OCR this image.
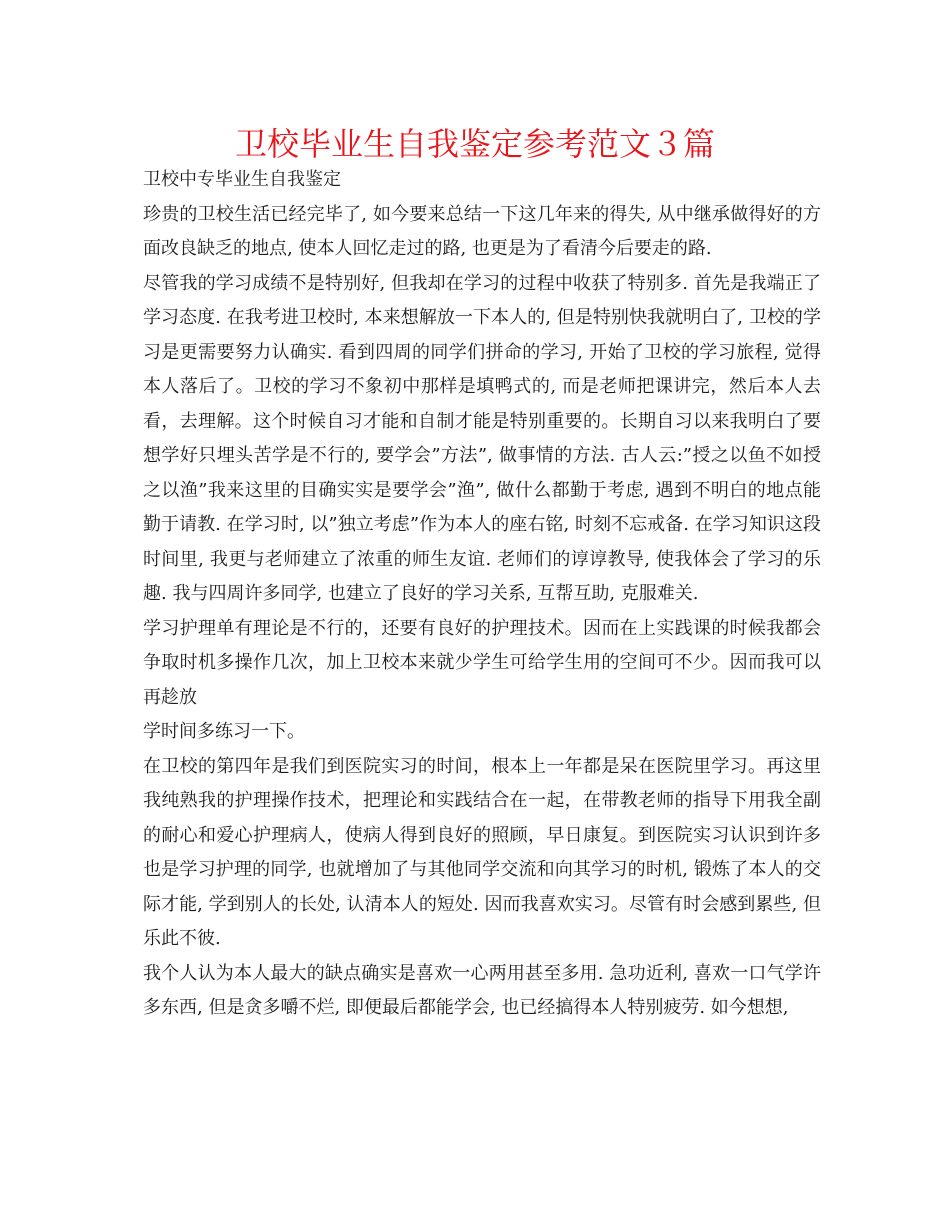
卫校毕业生自我鉴定参考范文３篇

卫校中专毕业生自我鉴定

珍贵的卫校生活已经完毕了, 如今要来总结一下这几年来的得失, 从中继承做得好的方面改良缺乏的地点, 使本人回忆走过的路, 也更是为了看清今后要走的路.

尽管我的学习成绩不是特别好, 但我却在学习的过程中收获了特别多. 首先是我端正了学习态度. 在我考进卫校时, 本来想解放一下本人的, 但是特别快我就明白了, 卫校的学习是更需要努力认确实. 看到四周的同学们拼命的学习, 开始了卫校的学习旅程, 觉得本人落后了。卫校的学习不象初中那样是填鸭式的, 而是老师把课讲完，然后本人去看，去理解。这个时候自习才能和自制才能是特别重要的。长期自习以来我明白了要想学好只埋头苦学是不行的, 要学会”方法”, 做事情的方法. 古人云:”授之以鱼不如授之以渔”我来这里的目确实实是要学会”渔”, 做什么都勤于考虑, 遇到不明白的地点能勤于请教. 在学习时, 以”独立考虑”作为本人的座右铭, 时刻不忘戒备. 在学习知识这段时间里, 我更与老师建立了浓重的师生友谊. 老师们的谆谆教导, 使我体会了学习的乐趣. 我与四周许多同学, 也建立了良好的学习关系, 互帮互助, 克服难关.

学习护理单有理论是不行的，还要有良好的护理技术。因而在上实践课的时候我都会争取时机多操作几次，加上卫校本来就少学生可给学生用的空间可不少。因而我可以再趁放

学时间多练习一下。

在卫校的第四年是我们到医院实习的时间，根本上一年都是呆在医院里学习。再这里我纯熟我的护理操作技术，把理论和实践结合在一起，在带教老师的指导下用我全副的耐心和爱心护理病人，使病人得到良好的照顾，早日康复。到医院实习认识到许多也是学习护理的同学, 也就增加了与其他同学交流和向其学习的时机, 锻炼了本人的交际才能, 学到别人的长处, 认清本人的短处. 因而我喜欢实习。尽管有时会感到累些, 但乐此不彼.

我个人认为本人最大的缺点确实是喜欢一心两用甚至多用. 急功近利, 喜欢一口气学许多东西, 但是贪多嚼不烂, 即便最后都能学会, 也已经搞得本人特别疲劳. 如今想想,
